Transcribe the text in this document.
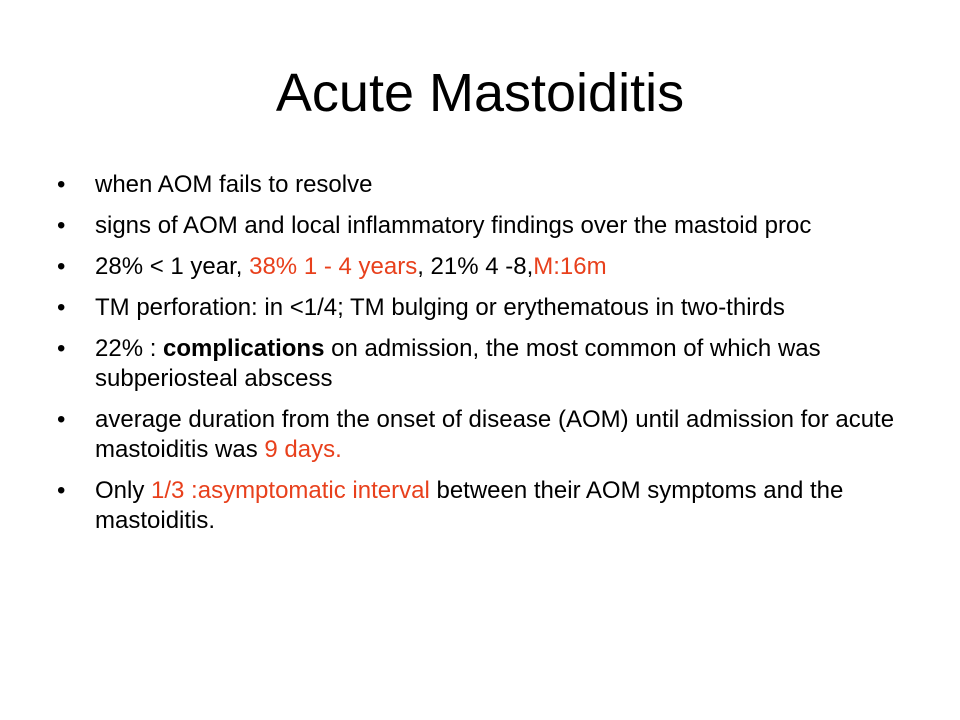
Acute Mastoiditis
•	when AOM fails to resolve
•	signs of AOM and local inflammatory findings over the mastoid proc
•	28% < 1 year, 38% 1 - 4 years, 21% 4 -8,M:16m
•	TM perforation: in <1/4; TM bulging or erythematous in two-thirds
•	22% : complications on admission, the most common of which was subperiosteal abscess
•	average duration from the onset of disease (AOM) until admission for acute mastoiditis was 9 days.
•	Only 1/3 :asymptomatic interval between their AOM symptoms and the mastoiditis.
